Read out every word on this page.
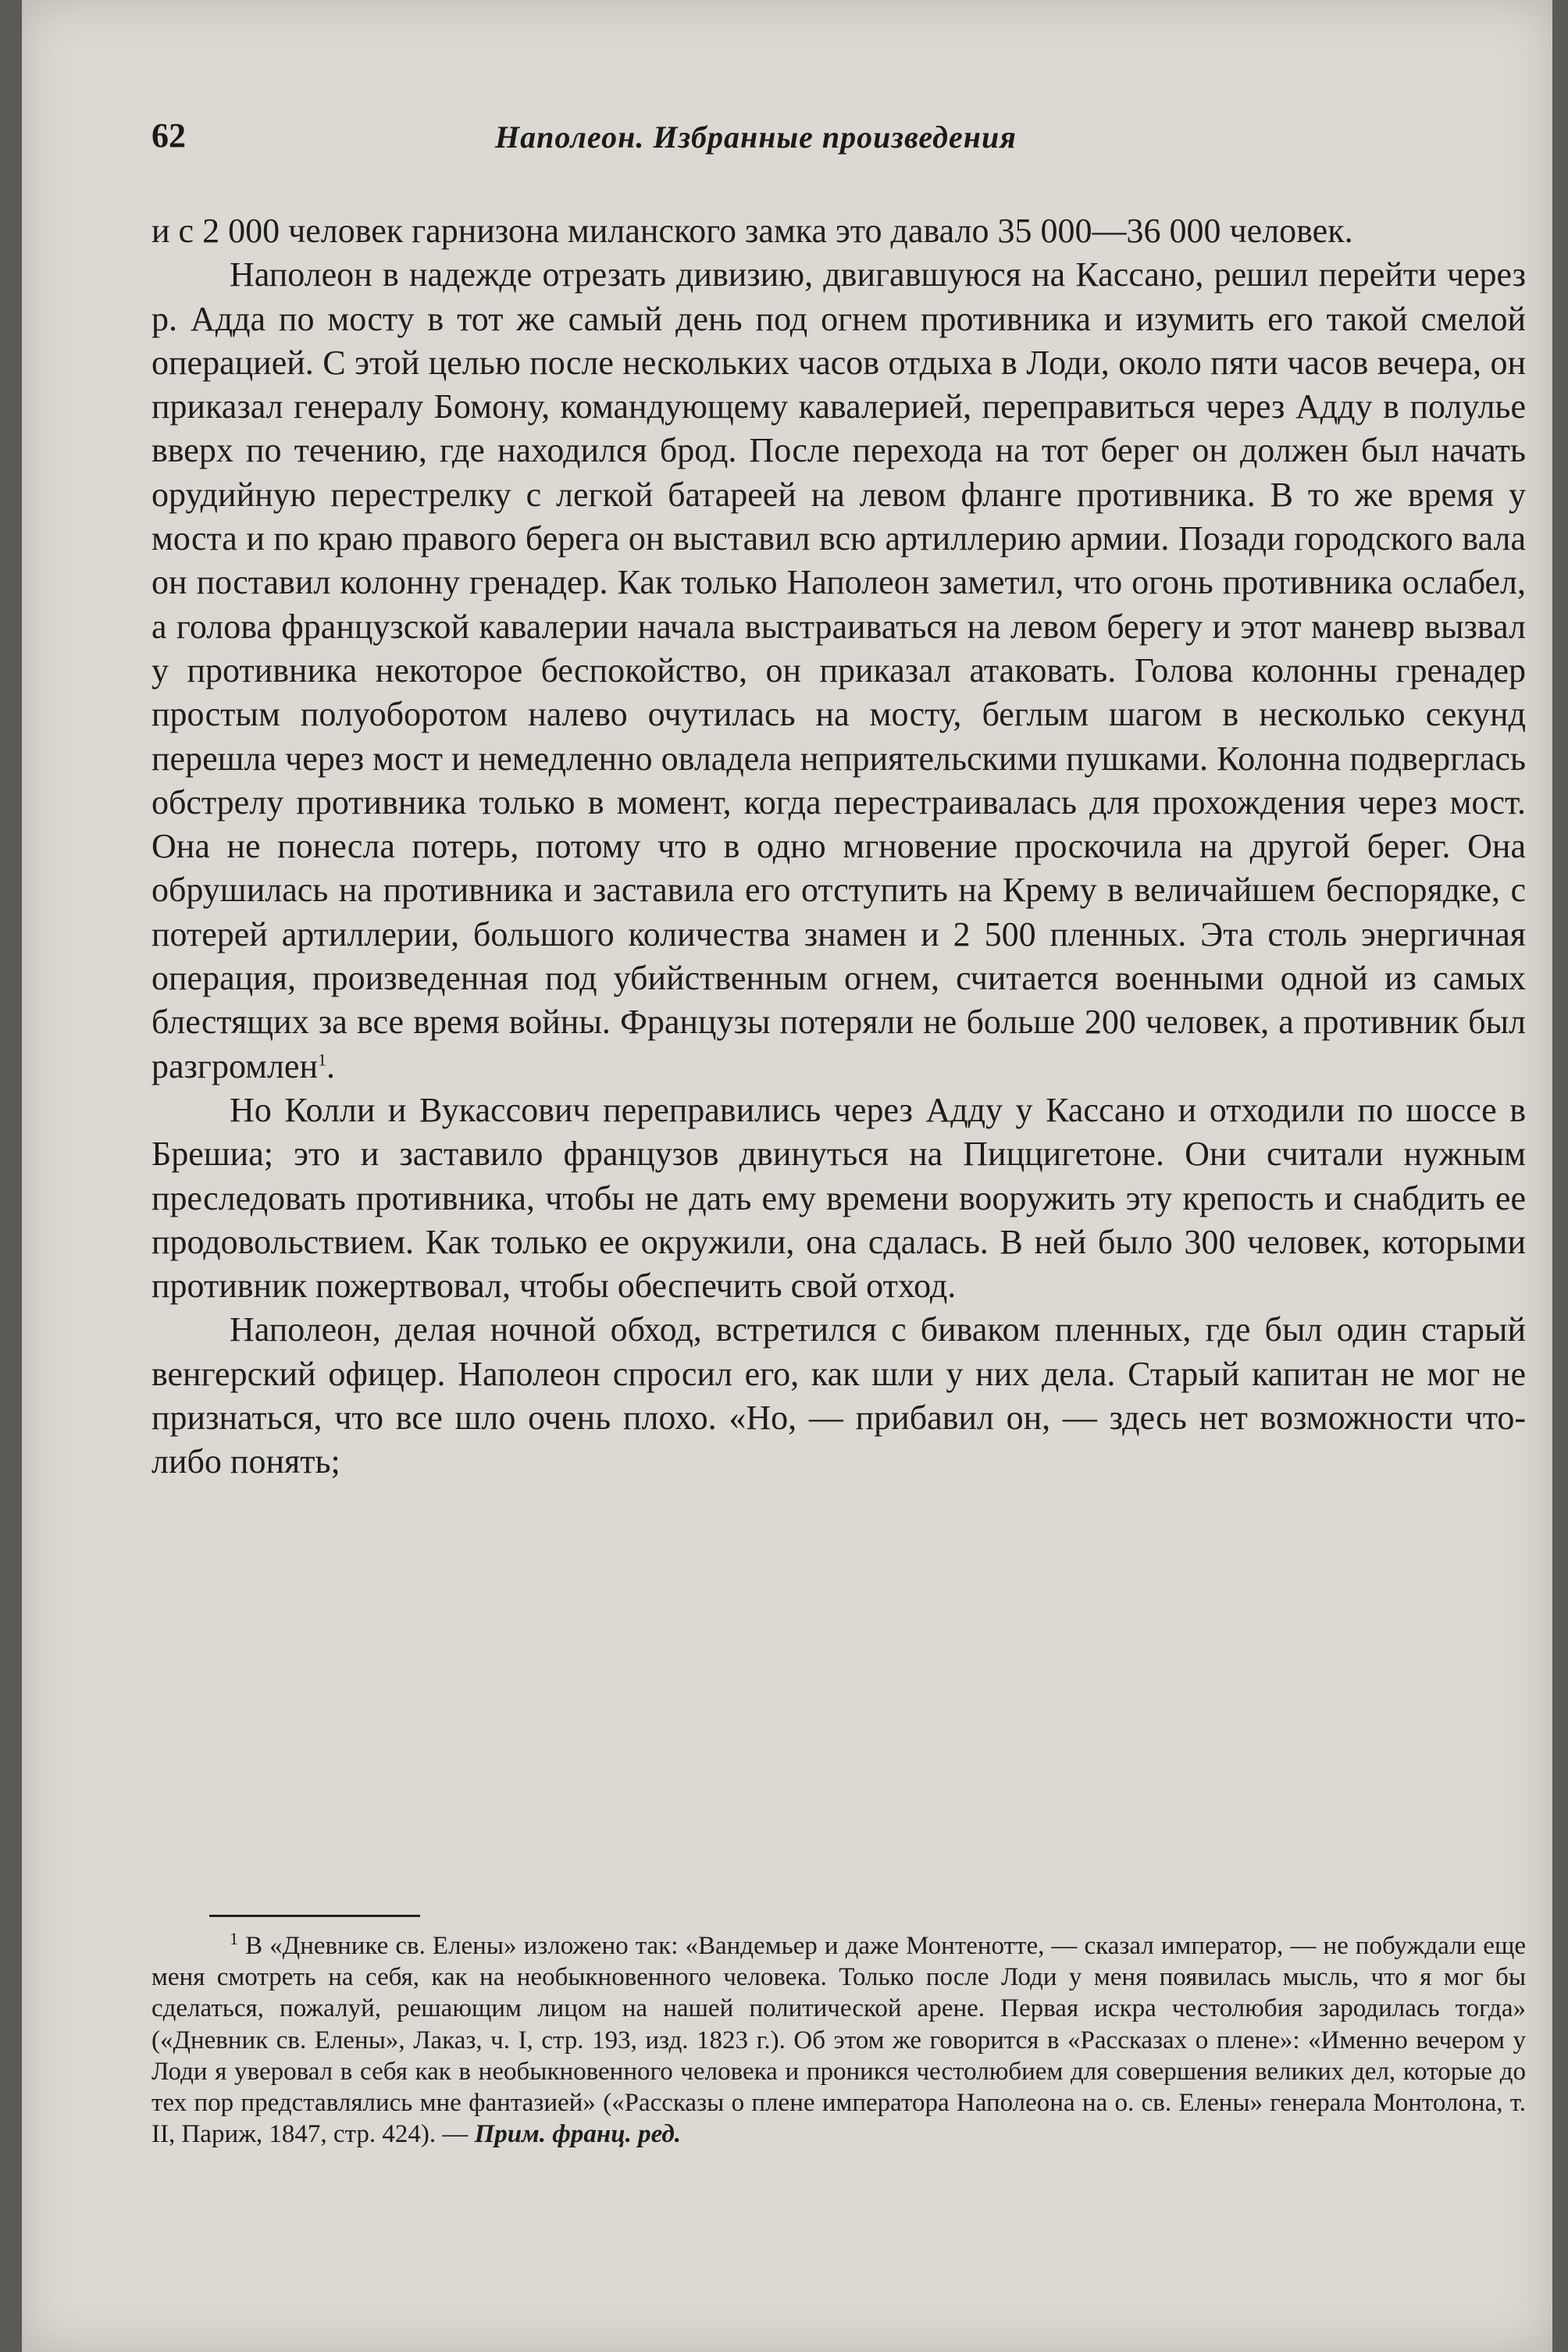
62	Наполеон. Избранные произведения

и с 2 000 человек гарнизона миланского замка это давало 35 000—36 000 человек.

Наполеон в надежде отрезать дивизию, двигавшуюся на Кассано, решил перейти через р. Адда по мосту в тот же самый день под огнем противника и изумить его такой смелой операцией. С этой целью после нескольких часов отдыха в Лоди, около пяти часов вечера, он приказал генералу Бомону, командующему кавалерией, переправиться через Адду в полулье вверх по течению, где находился брод. После перехода на тот берег он должен был начать орудийную перестрелку с легкой батареей на левом фланге противника. В то же время у моста и по краю правого берега он выставил всю артиллерию армии. Позади городского вала он поставил колонну гренадер. Как только Наполеон заметил, что огонь противника ослабел, а голова французской кавалерии начала выстраиваться на левом берегу и этот маневр вызвал у противника некоторое беспокойство, он приказал атаковать. Голова колонны гренадер простым полуоборотом налево очутилась на мосту, беглым шагом в несколько секунд перешла через мост и немедленно овладела неприятельскими пушками. Колонна подверглась обстрелу противника только в момент, когда перестраивалась для прохождения через мост. Она не понесла потерь, потому что в одно мгновение проскочила на другой берег. Она обрушилась на противника и заставила его отступить на Крему в величайшем беспорядке, с потерей артиллерии, большого количества знамен и 2 500 пленных. Эта столь энергичная операция, произведенная под убийственным огнем, считается военными одной из самых блестящих за все время войны. Французы потеряли не больше 200 человек, а противник был разгромлен$^1$.

Но Колли и Вукассович переправились через Адду у Кассано и отходили по шоссе в Брешиа; это и заставило французов двинуться на Пиццигетоне. Они считали нужным преследовать противника, чтобы не дать ему времени вооружить эту крепость и снабдить ее продовольствием. Как только ее окружили, она сдалась. В ней было 300 человек, которыми противник пожертвовал, чтобы обеспечить свой отход.

Наполеон, делая ночной обход, встретился с биваком пленных, где был один старый венгерский офицер. Наполеон спросил его, как шли у них дела. Старый капитан не мог не признаться, что все шло очень плохо. «Но, — прибавил он, — здесь нет возможности что-либо понять;

$^1$ В «Дневнике св. Елены» изложено так: «Вандемьер и даже Монтенотте, — сказал император, — не побуждали еще меня смотреть на себя, как на необыкновенного человека. Только после Лоди у меня появилась мысль, что я мог бы сделаться, пожалуй, решающим лицом на нашей политической арене. Первая искра честолюбия зародилась тогда» («Дневник св. Елены», Лаказ, ч. I, стр. 193, изд. 1823 г.). Об этом же говорится в «Рассказах о плене»: «Именно вечером у Лоди я уверовал в себя как в необыкновенного человека и проникся честолюбием для совершения великих дел, которые до тех пор представлялись мне фантазией» («Рассказы о плене императора Наполеона на о. св. Елены» генерала Монтолона, т. II, Париж, 1847, стр. 424). — Прим. франц. ред.
